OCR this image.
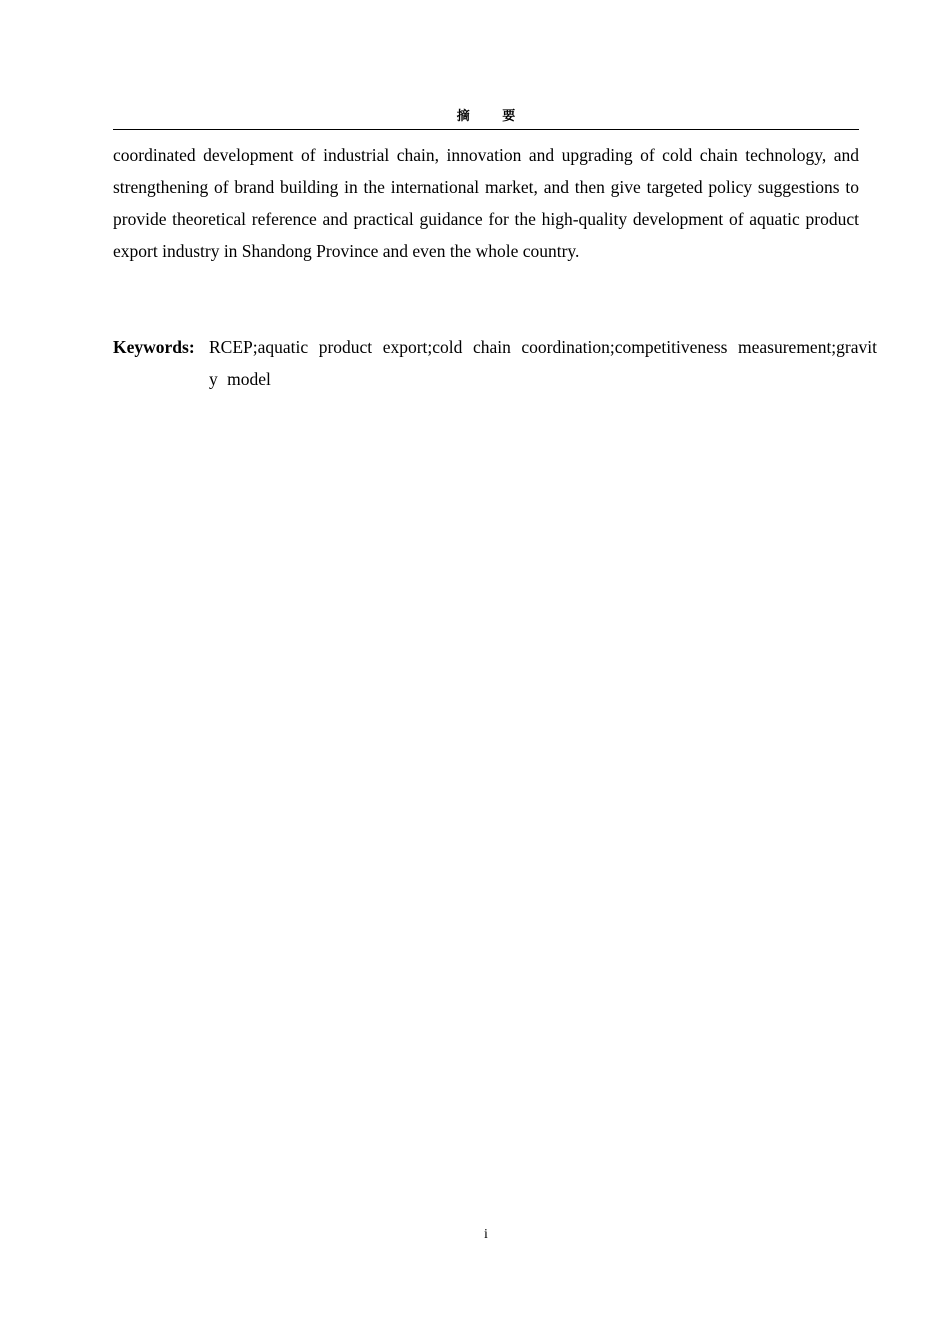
摘 要

coordinated development of industrial chain, innovation and upgrading of cold chain technology, and strengthening of brand building in the international market, and then give targeted policy suggestions to provide theoretical reference and practical guidance for the high-quality development of aquatic product export industry in Shandong Province and even the whole country.

Keywords: RCEP;aquatic product export;cold chain coordination;competitiveness measurement;gravity model

i
